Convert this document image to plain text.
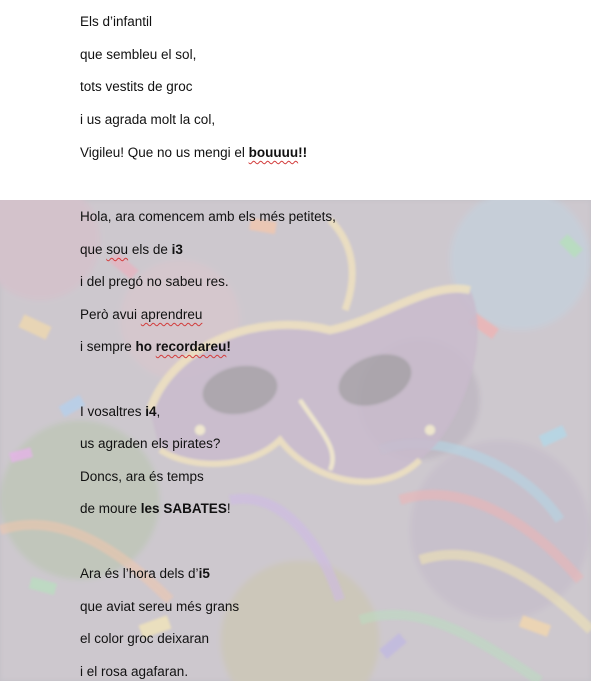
Els d’infantil
que sembleu el sol,
tots vestits de groc
i us agrada molt la col,
Vigileu! Que no us mengi el bouuuu!!
Hola, ara comencem amb els més petitets,
que sou els de i3
i del pregó no sabeu res.
Però avui aprendreu
i sempre ho recordareu!
I vosaltres i4,
us agraden els pirates?
Doncs, ara és temps
de moure les SABATES!
Ara és l’hora dels d’i5
que aviat sereu més grans
el color groc deixaran
i el rosa agafaran.
